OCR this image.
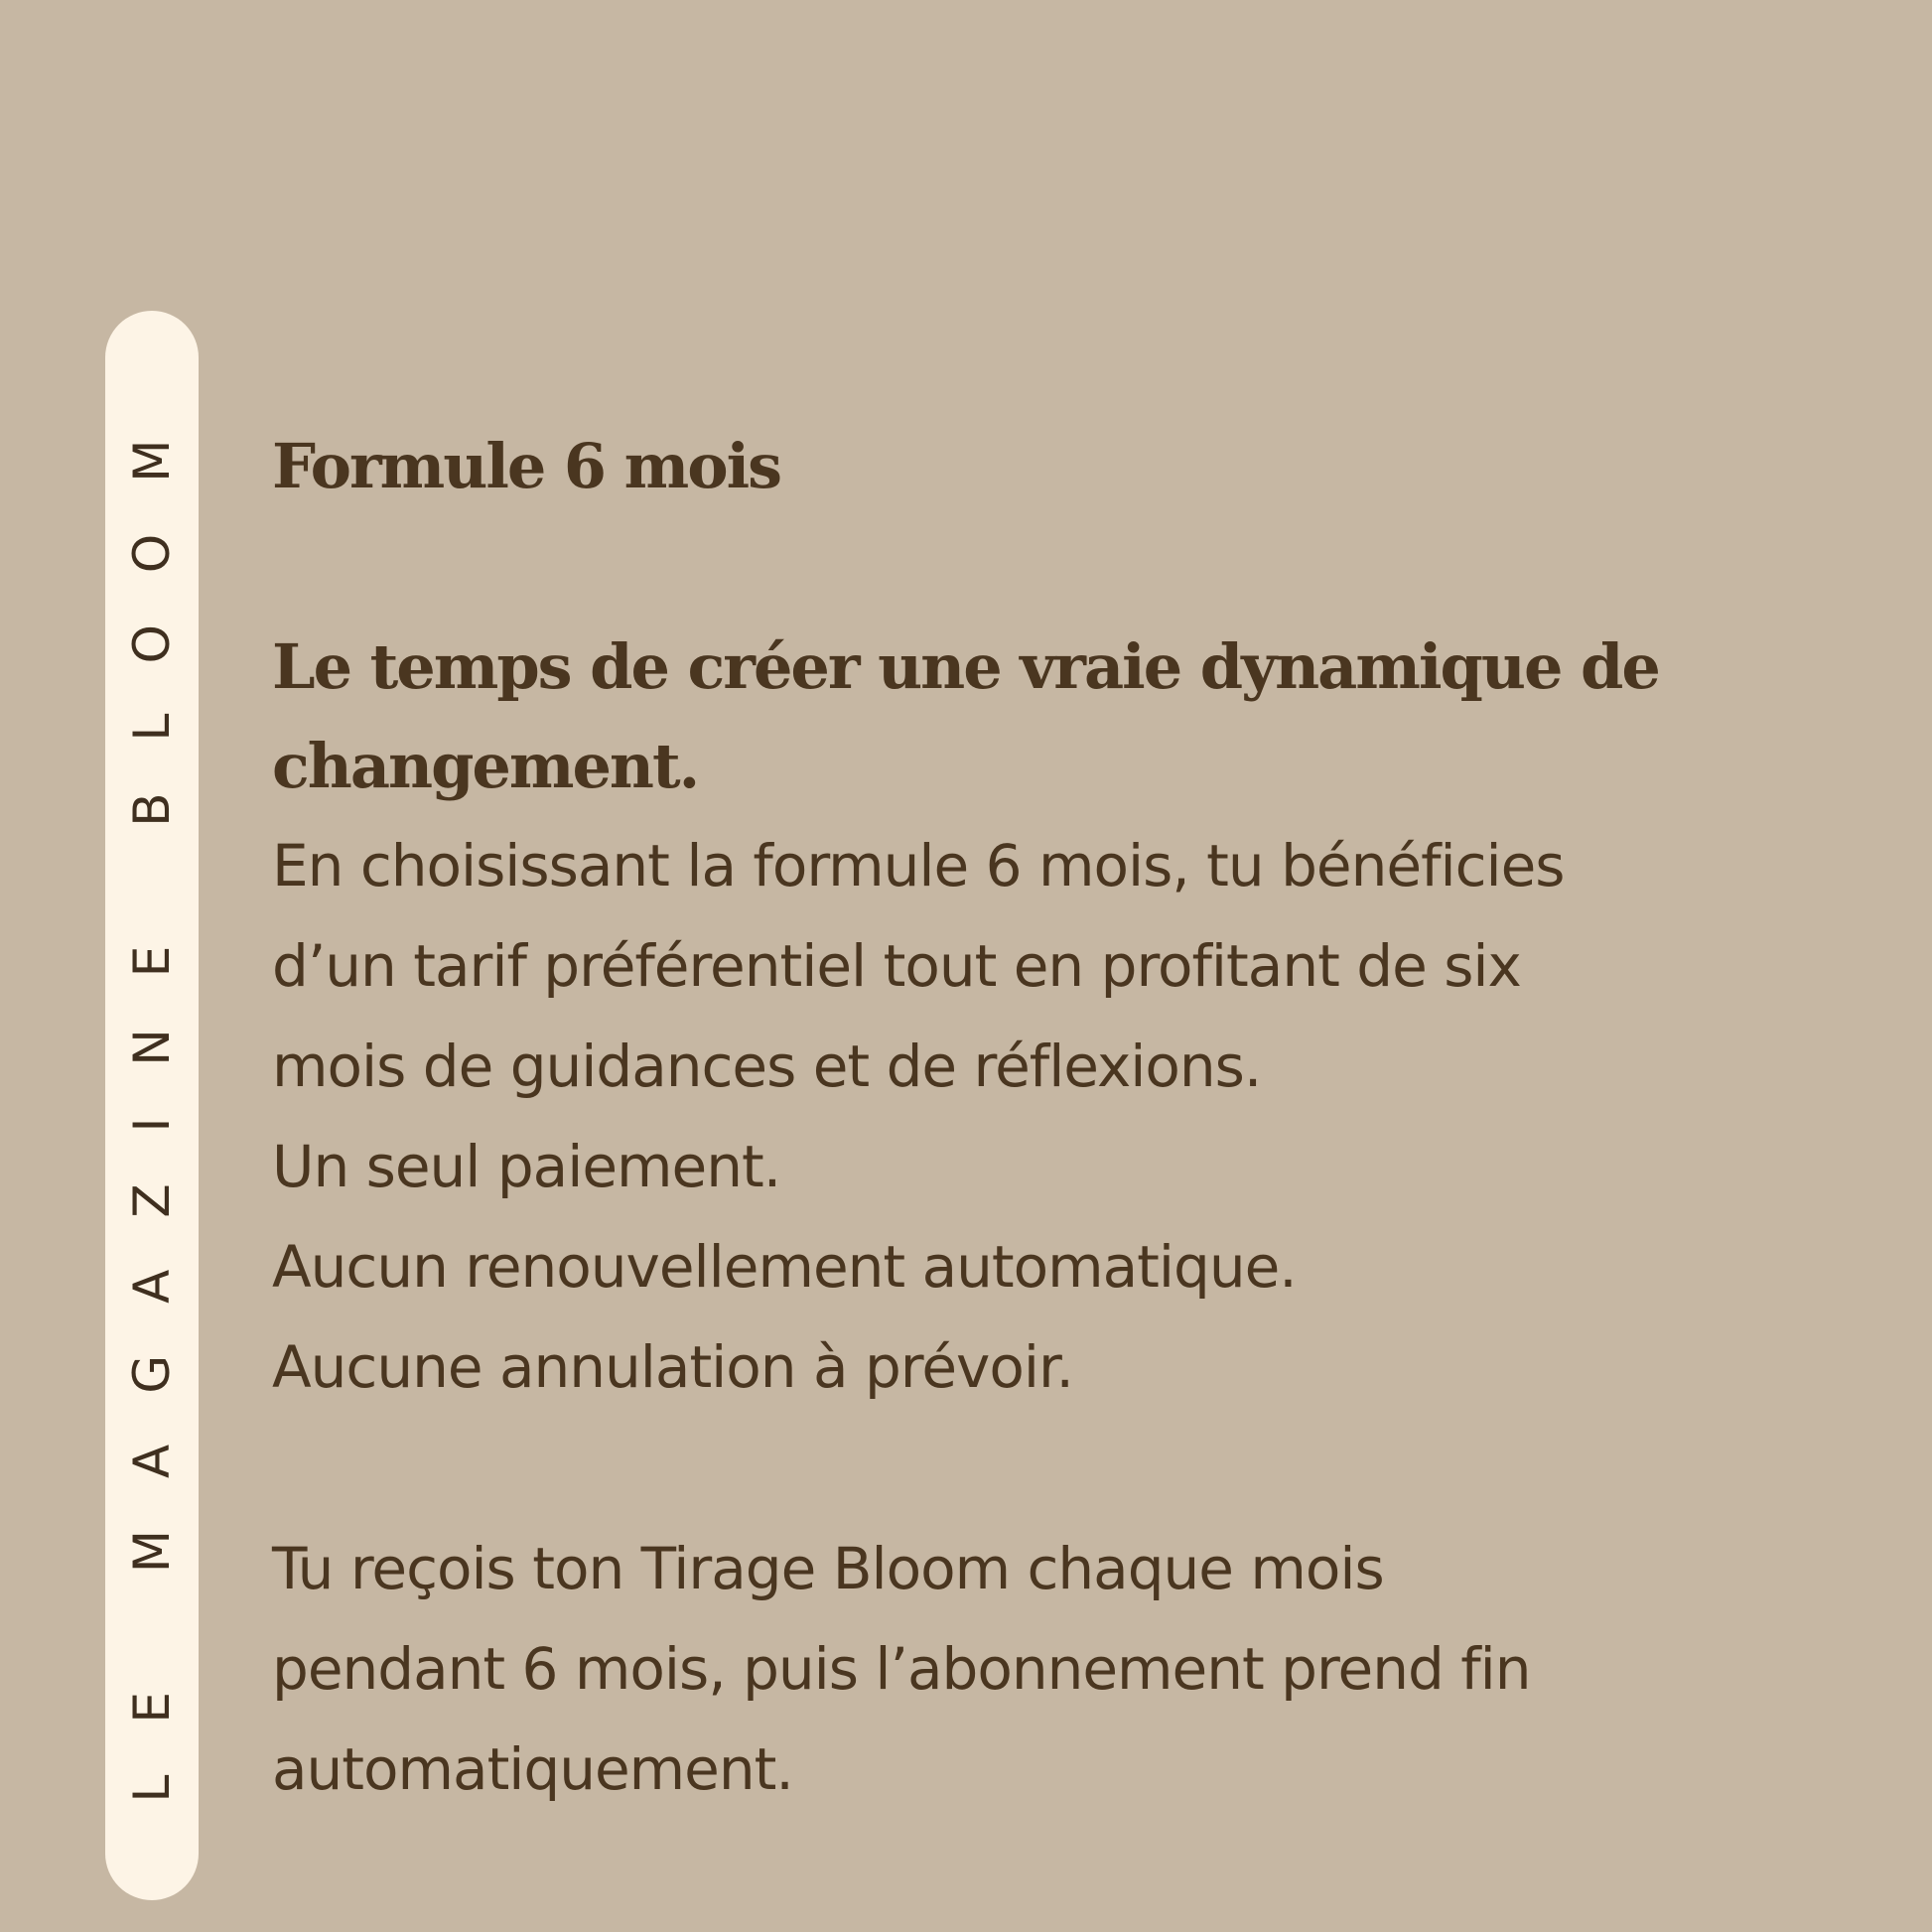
LE MAGAZINE BLOOM Formule 6 mois

Le temps de créer une vraie dynamique de

changement.

En choisissant la formule 6 mois, tu bénéficies

d’un tarif préférentiel tout en profitant de six

mois de guidances et de réflexions.

Un seul paiement.

Aucun renouvellement automatique.

Aucune annulation à prévoir.

Tu reçois ton Tirage Bloom chaque mois

pendant 6 mois, puis l’abonnement prend fin

automatiquement.
